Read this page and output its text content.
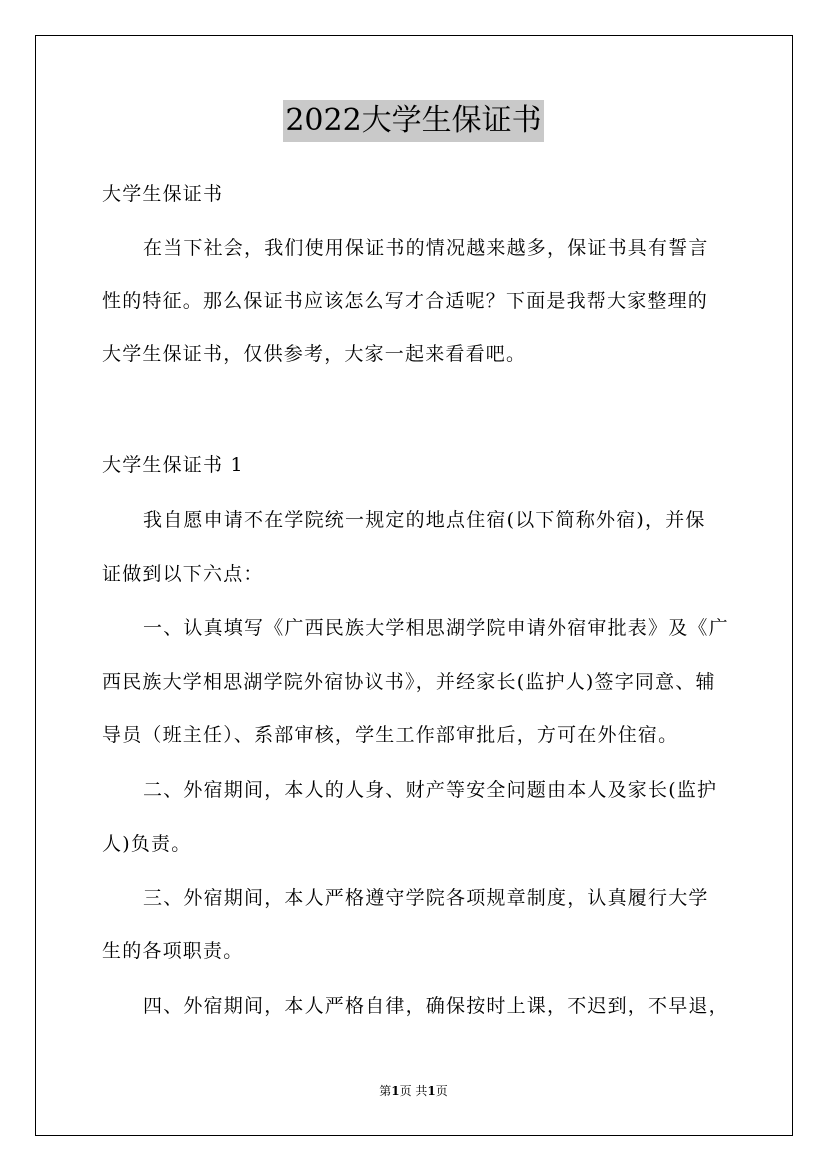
2022大学生保证书
大学生保证书
在当下社会，我们使用保证书的情况越来越多，保证书具有誓言
性的特征。那么保证书应该怎么写才合适呢？下面是我帮大家整理的
大学生保证书，仅供参考，大家一起来看看吧。
大学生保证书 1
我自愿申请不在学院统一规定的地点住宿(以下简称外宿)，并保
证做到以下六点：
一、认真填写《广西民族大学相思湖学院申请外宿审批表》及《广
西民族大学相思湖学院外宿协议书》，并经家长(监护人)签字同意、辅
导员（班主任）、系部审核，学生工作部审批后，方可在外住宿。
二、外宿期间，本人的人身、财产等安全问题由本人及家长(监护
人)负责。
三、外宿期间，本人严格遵守学院各项规章制度，认真履行大学
生的各项职责。
四、外宿期间，本人严格自律，确保按时上课，不迟到，不早退，
第1页 共1页
